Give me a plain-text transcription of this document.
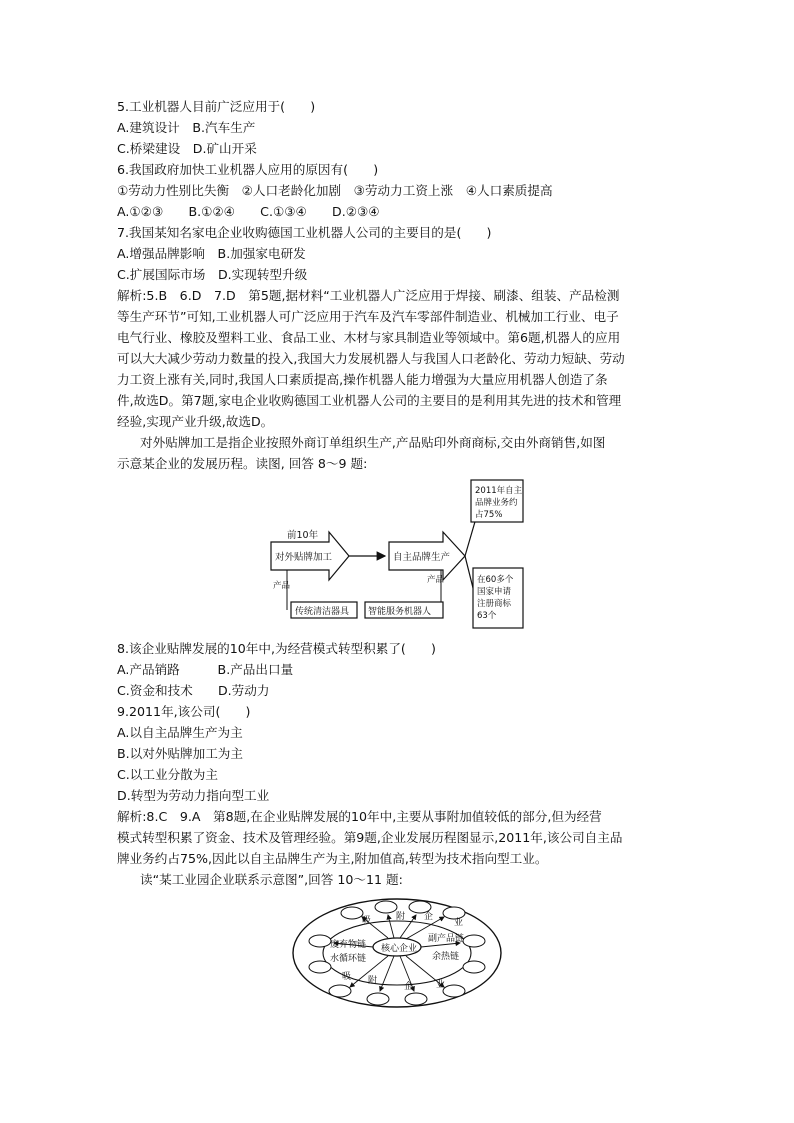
5.工业机器人目前广泛应用于(　　)
A.建筑设计　B.汽车生产
C.桥梁建设　D.矿山开采
6.我国政府加快工业机器人应用的原因有(　　)
①劳动力性别比失衡　②人口老龄化加剧　③劳动力工资上涨　④人口素质提高
A.①②③　　B.①②④　　C.①③④　　D.②③④
7.我国某知名家电企业收购德国工业机器人公司的主要目的是(　　)
A.增强品牌影响　B.加强家电研发
C.扩展国际市场　D.实现转型升级
解析:5.B　6.D　7.D　第5题,据材料“工业机器人广泛应用于焊接、刷漆、组装、产品检测
等生产环节”可知,工业机器人可广泛应用于汽车及汽车零部件制造业、机械加工行业、电子
电气行业、橡胶及塑料工业、食品工业、木材与家具制造业等领域中。第6题,机器人的应用
可以大大减少劳动力数量的投入,我国大力发展机器人与我国人口老龄化、劳动力短缺、劳动
力工资上涨有关,同时,我国人口素质提高,操作机器人能力增强为大量应用机器人创造了条
件,故选D。第7题,家电企业收购德国工业机器人公司的主要目的是利用其先进的技术和管理
经验,实现产业升级,故选D。
对外贴牌加工是指企业按照外商订单组织生产,产品贴印外商商标,交由外商销售,如图
示意某企业的发展历程。读图, 回答 8～9 题:
前10年
对外贴牌加工	自主品牌生产
2011年自主
品牌业务约
占75%
在60多个
国家申请
注册商标
63个
产品
传统清洁器具
产品
智能服务机器人
8.该企业贴牌发展的10年中,为经营模式转型积累了(　　)
A.产品销路　　　B.产品出口量
C.资金和技术　　D.劳动力
9.2011年,该公司(　　)
A.以自主品牌生产为主
B.以对外贴牌加工为主
C.以工业分散为主
D.转型为劳动力指向型工业
解析:8.C　9.A　第8题,在企业贴牌发展的10年中,主要从事附加值较低的部分,但为经营
模式转型积累了资金、技术及管理经验。第9题,企业发展历程图显示,2011年,该公司自主品
牌业务约占75%,因此以自主品牌生产为主,附加值高,转型为技术指向型工业。
读“某工业园企业联系示意图”,回答 10～11 题:
核心企业
废弃物链
水循环链
副产品链
余热链
吸	附 企
业
吸 附
企	业
